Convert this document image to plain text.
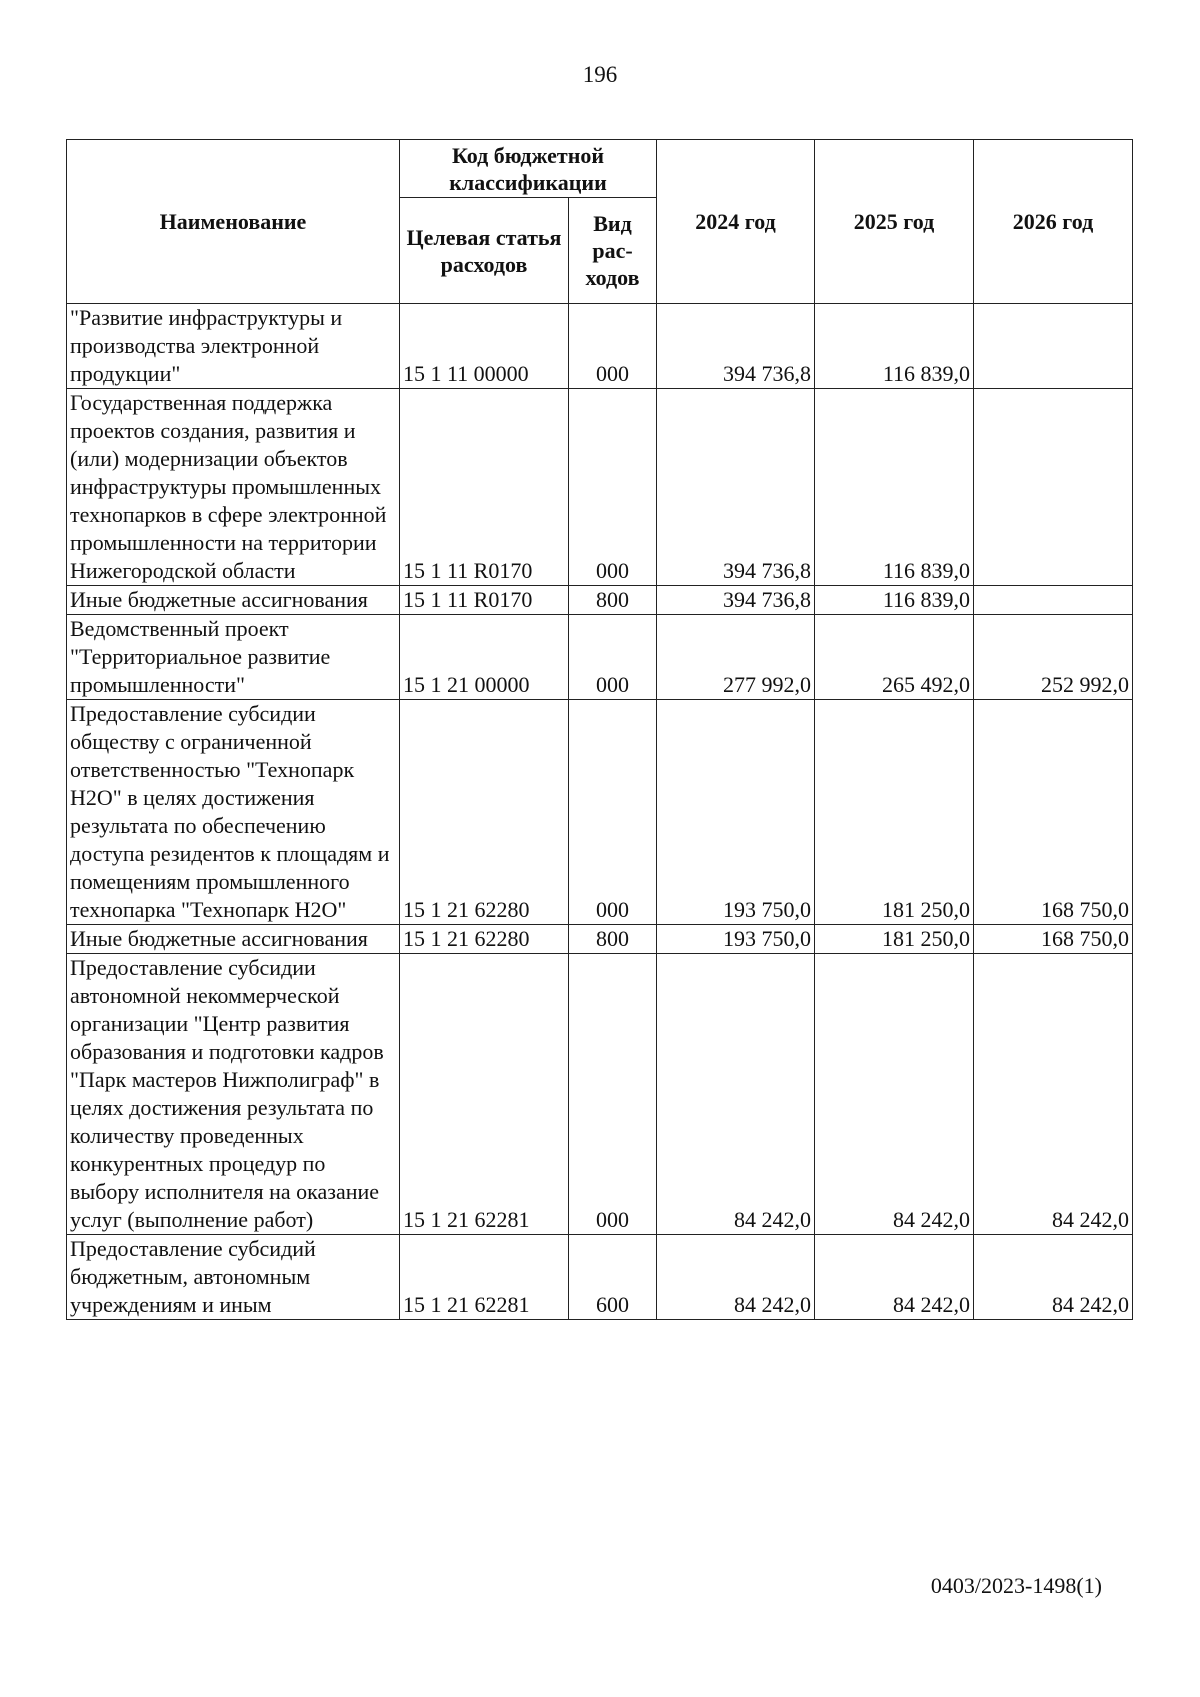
196
Наименование	Код бюджетной классификации		2024 год	2025 год	2026 год
	Целевая статья расходов	Вид рас- ходов			
"Развитие инфраструктуры и производства электронной продукции"	15 1 11 00000	000	394 736,8	116 839,0	
Государственная поддержка проектов создания, развития и (или) модернизации объектов инфраструктуры промышленных технопарков в сфере электронной промышленности на территории Нижегородской области	15 1 11 R0170	000	394 736,8	116 839,0	
Иные бюджетные ассигнования	15 1 11 R0170	800	394 736,8	116 839,0	
Ведомственный проект "Территориальное развитие промышленности"	15 1 21 00000	000	277 992,0	265 492,0	252 992,0
Предоставление субсидии обществу с ограниченной ответственностью "Технопарк Н2О" в целях достижения результата по обеспечению доступа резидентов к площадям и помещениям промышленного технопарка "Технопарк Н2О"	15 1 21 62280	000	193 750,0	181 250,0	168 750,0
Иные бюджетные ассигнования	15 1 21 62280	800	193 750,0	181 250,0	168 750,0
Предоставление субсидии автономной некоммерческой организации "Центр развития образования и подготовки кадров "Парк мастеров Нижполиграф" в целях достижения результата по количеству проведенных конкурентных процедур по выбору исполнителя на оказание услуг (выполнение работ)	15 1 21 62281	000	84 242,0	84 242,0	84 242,0
Предоставление субсидий бюджетным, автономным учреждениям и иным	15 1 21 62281	600	84 242,0	84 242,0	84 242,0
0403/2023-1498(1)
